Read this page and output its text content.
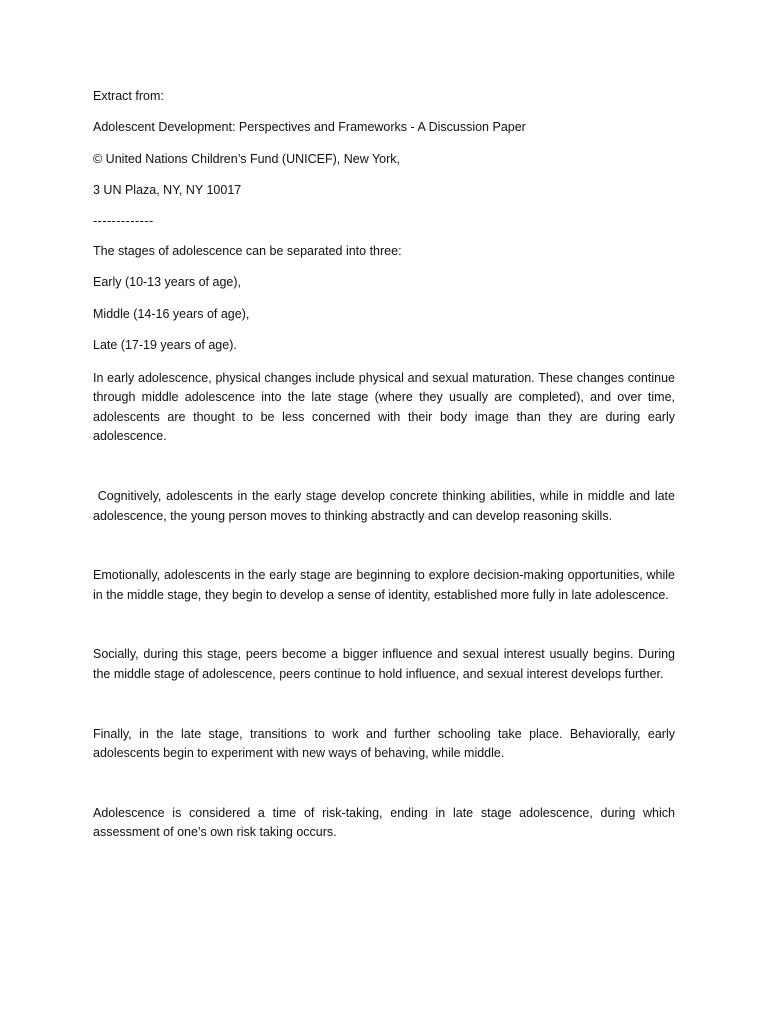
Extract from:

Adolescent Development: Perspectives and Frameworks - A Discussion Paper

© United Nations Children’s Fund (UNICEF), New York,

3 UN Plaza, NY, NY 10017

-------------

The stages of adolescence can be separated into three:

Early (10-13 years of age),

Middle (14-16 years of age),

Late (17-19 years of age).

In early adolescence, physical changes include physical and sexual maturation. These changes continue through middle adolescence into the late stage (where they usually are completed), and over time, adolescents are thought to be less concerned with their body image than they are during early adolescence.

Cognitively, adolescents in the early stage develop concrete thinking abilities, while in middle and late adolescence, the young person moves to thinking abstractly and can develop reasoning skills.

Emotionally, adolescents in the early stage are beginning to explore decision-making opportunities, while in the middle stage, they begin to develop a sense of identity, established more fully in late adolescence.

Socially, during this stage, peers become a bigger influence and sexual interest usually begins. During the middle stage of adolescence, peers continue to hold influence, and sexual interest develops further.

Finally, in the late stage, transitions to work and further schooling take place. Behaviorally, early adolescents begin to experiment with new ways of behaving, while middle.

Adolescence is considered a time of risk-taking, ending in late stage adolescence, during which assessment of one’s own risk taking occurs.
